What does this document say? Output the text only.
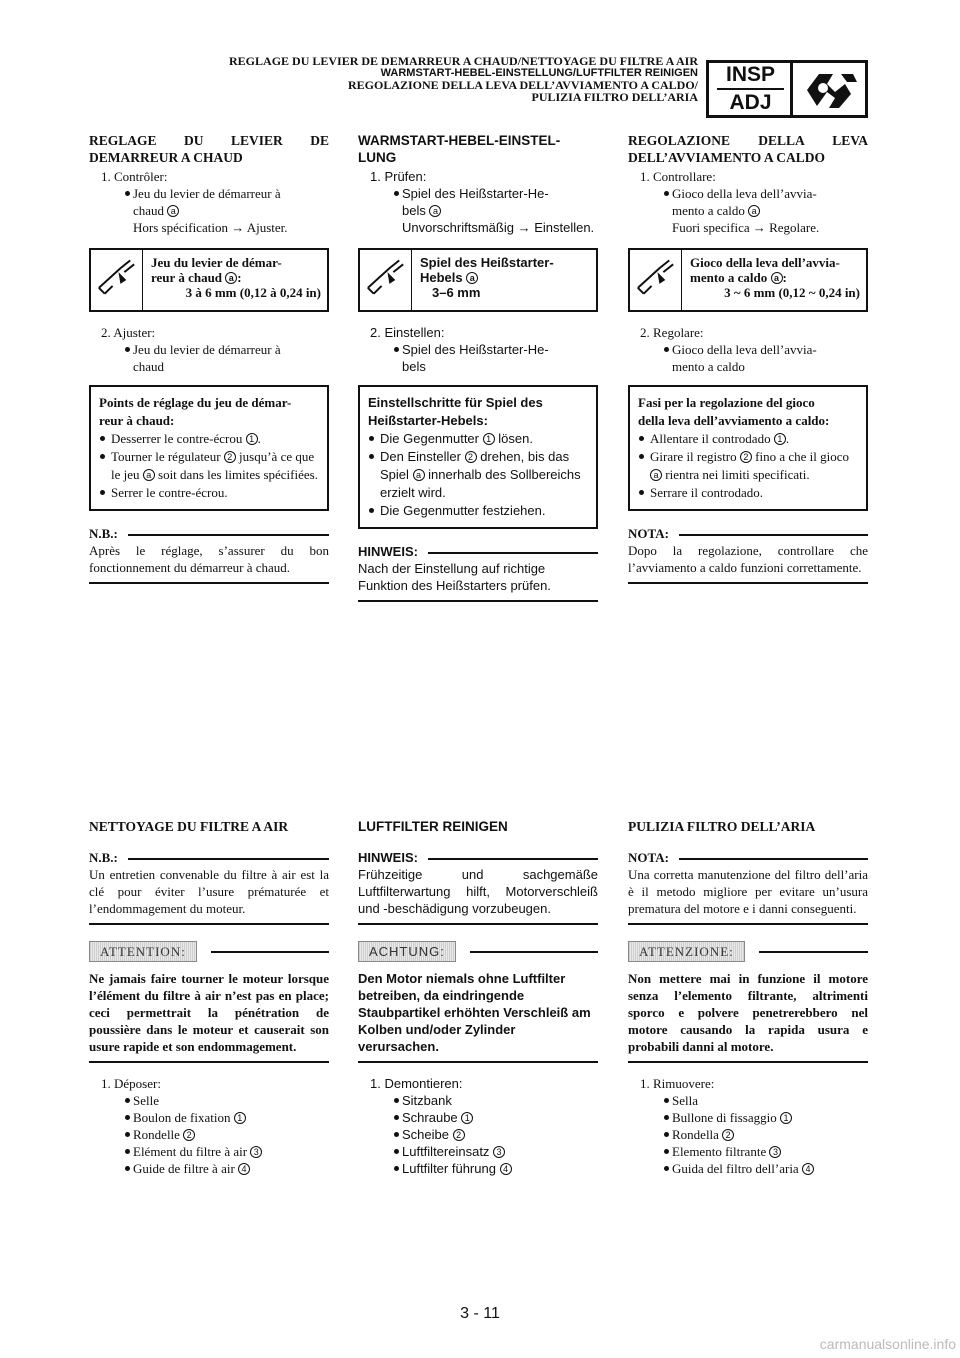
REGLAGE DU LEVIER DE DEMARREUR A CHAUD/NETTOYAGE DU FILTRE A AIR
WARMSTART-HEBEL-EINSTELLUNG/LUFTFILTER REINIGEN
REGOLAZIONE DELLA LEVA DELL’AVVIAMENTO A CALDO/
PULIZIA FILTRO DELL’ARIA
INSP
ADJ
REGLAGE DU LEVIER DE
DEMARREUR A CHAUD
1. Contrôler:
Jeu du levier de démarreur à
chaud a
Hors spécification → Ajuster.
Jeu du levier de démar-
reur à chaud a :
3 à 6 mm (0,12 à 0,24 in)
2. Ajuster:
Jeu du levier de démarreur à
chaud
Points de réglage du jeu de démar-
reur à chaud:
Desserrer le contre-écrou 1 .
Tourner le régulateur 2 jusqu’à ce que le jeu a soit dans les limites spécifiées.
Serrer le contre-écrou.
N.B.:
Après le réglage, s’assurer du bon fonctionnement du démarreur à chaud.
NETTOYAGE DU FILTRE A AIR
N.B.:
Un entretien convenable du filtre à air est la clé pour éviter l’usure prématurée et l’endommagement du moteur.
ATTENTION:
Ne jamais faire tourner le moteur lorsque l’élément du filtre à air n’est pas en place; ceci permettrait la pénétration de poussière dans le moteur et causerait son usure rapide et son endommagement.
1. Déposer:
Selle
Boulon de fixation 1
Rondelle 2
Elément du filtre à air 3
Guide de filtre à air 4
WARMSTART-HEBEL-EINSTEL-
LUNG
1. Prüfen:
Spiel des Heißstarter-He-
bels a
Unvorschriftsmäßig → Einstellen.
Spiel des Heißstarter-
Hebels a
3–6 mm
2. Einstellen:
Spiel des Heißstarter-He-
bels
Einstellschritte für Spiel des
Heißstarter-Hebels:
Die Gegenmutter 1 lösen.
Den Einsteller 2 drehen, bis das Spiel a innerhalb des Sollbereichs erzielt wird.
Die Gegenmutter festziehen.
HINWEIS:
Nach der Einstellung auf richtige Funktion des Heißstarters prüfen.
LUFTFILTER REINIGEN
HINWEIS:
Frühzeitige und sachgemäße Luftfilterwartung hilft, Motorverschleiß und -beschädigung vorzubeugen.
ACHTUNG:
Den Motor niemals ohne Luftfilter betreiben, da eindringende Staubpartikel erhöhten Verschleiß am Kolben und/oder Zylinder verursachen.
1. Demontieren:
Sitzbank
Schraube 1
Scheibe 2
Luftfiltereinsatz 3
Luftfilter führung 4
REGOLAZIONE DELLA LEVA
DELL’AVVIAMENTO A CALDO
1. Controllare:
Gioco della leva dell’avvia-
mento a caldo a
Fuori specifica → Regolare.
Gioco della leva dell’avvia-
mento a caldo a :
3 ~ 6 mm (0,12 ~ 0,24 in)
2. Regolare:
Gioco della leva dell’avvia-
mento a caldo
Fasi per la regolazione del gioco
della leva dell’avviamento a caldo:
Allentare il controdado 1 .
Girare il registro 2 fino a che il gioco a rientra nei limiti specificati.
Serrare il controdado.
NOTA:
Dopo la regolazione, controllare che l’avviamento a caldo funzioni correttamente.
PULIZIA FILTRO DELL’ARIA
NOTA:
Una corretta manutenzione del filtro dell’aria è il metodo migliore per evitare un’usura prematura del motore e i danni conseguenti.
ATTENZIONE:
Non mettere mai in funzione il motore senza l’elemento filtrante, altrimenti sporco e polvere penetrerebbero nel motore causando la rapida usura e probabili danni al motore.
1. Rimuovere:
Sella
Bullone di fissaggio 1
Rondella 2
Elemento filtrante 3
Guida del filtro dell’aria 4
3 - 11
carmanualsonline.info
